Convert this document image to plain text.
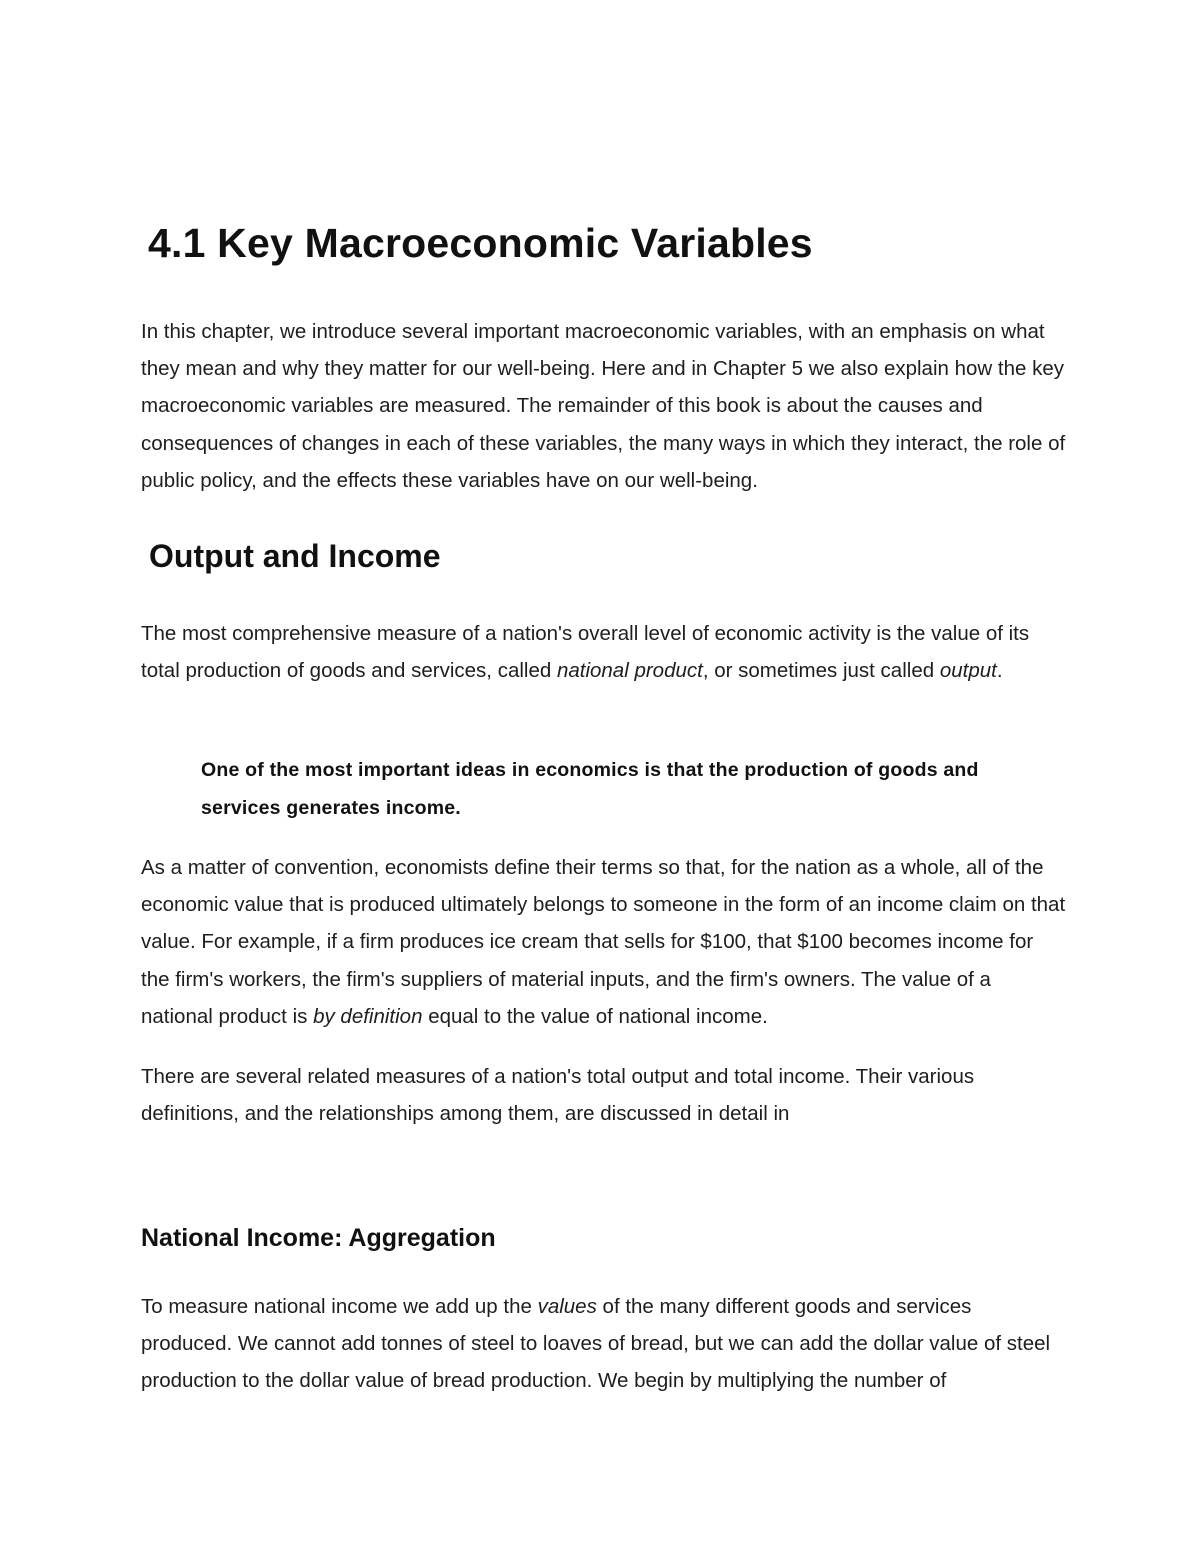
4.1 Key Macroeconomic Variables

In this chapter, we introduce several important macroeconomic variables, with an emphasis on what they mean and why they matter for our well-being. Here and in Chapter 5 we also explain how the key macroeconomic variables are measured. The remainder of this book is about the causes and consequences of changes in each of these variables, the many ways in which they interact, the role of public policy, and the effects these variables have on our well-being.

Output and Income

The most comprehensive measure of a nation's overall level of economic activity is the value of its total production of goods and services, called national product, or sometimes just called output.

One of the most important ideas in economics is that the production of goods and services generates income.

As a matter of convention, economists define their terms so that, for the nation as a whole, all of the economic value that is produced ultimately belongs to someone in the form of an income claim on that value. For example, if a firm produces ice cream that sells for $100, that $100 becomes income for the firm's workers, the firm's suppliers of material inputs, and the firm's owners. The value of a national product is by definition equal to the value of national income.

There are several related measures of a nation's total output and total income. Their various definitions, and the relationships among them, are discussed in detail in

National Income: Aggregation

To measure national income we add up the values of the many different goods and services produced. We cannot add tonnes of steel to loaves of bread, but we can add the dollar value of steel production to the dollar value of bread production. We begin by multiplying the number of
